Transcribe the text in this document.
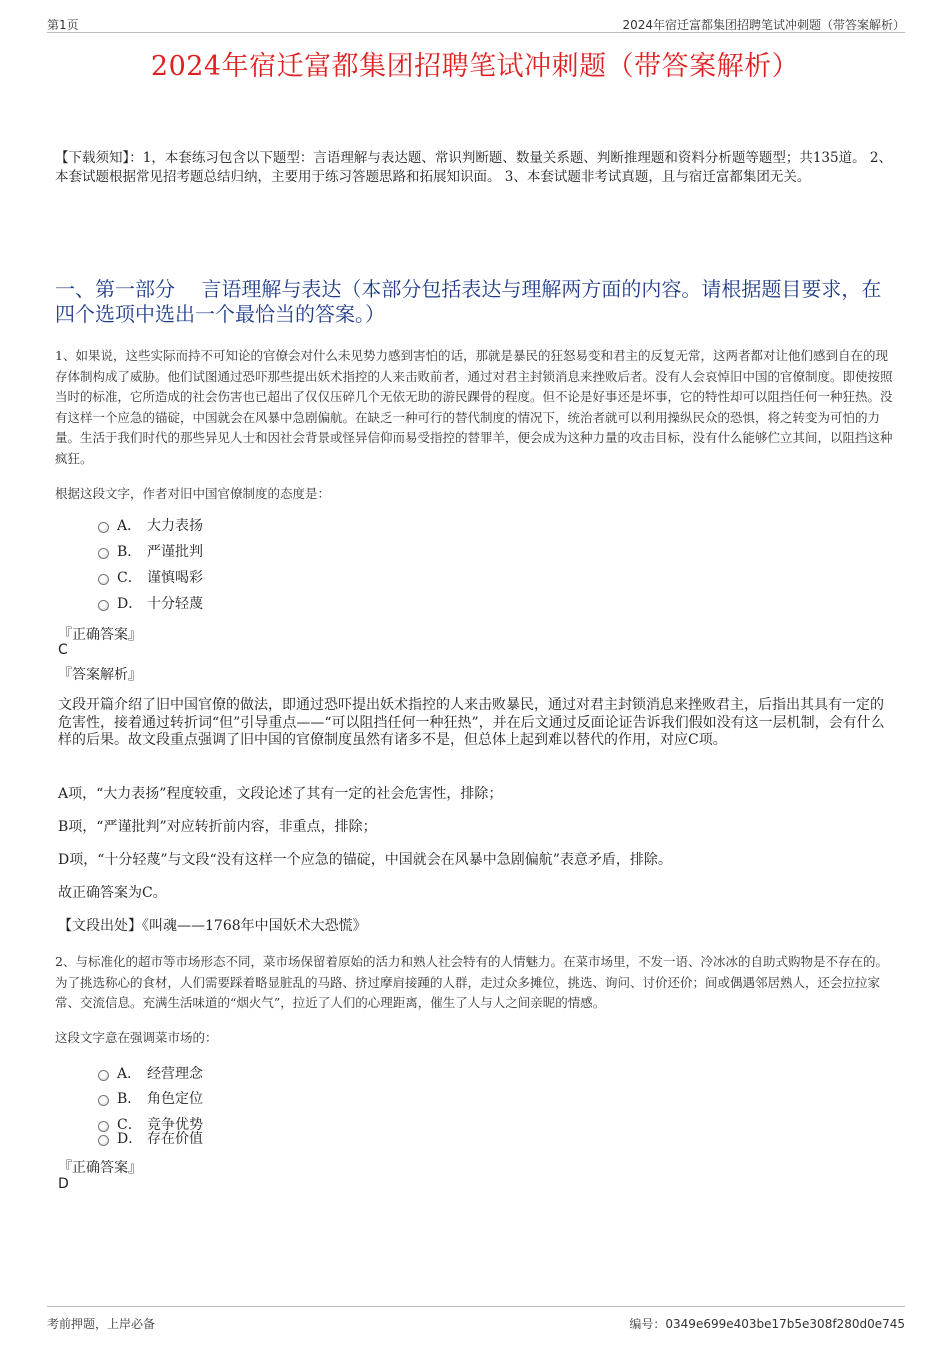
第1页	2024年宿迁富都集团招聘笔试冲刺题（带答案解析）
2024年宿迁富都集团招聘笔试冲刺题（带答案解析）
【下载须知】：1，本套练习包含以下题型：言语理解与表达题、常识判断题、数量关系题、判断推理题和资料分析题等题型；共135道。 2、本套试题根据常见招考题总结归纳，主要用于练习答题思路和拓展知识面。 3、本套试题非考试真题，且与宿迁富都集团无关。
一、第一部分　 言语理解与表达（本部分包括表达与理解两方面的内容。请根据题目要求，在四个选项中选出一个最恰当的答案。）
1、如果说，这些实际而持不可知论的官僚会对什么未见势力感到害怕的话，那就是暴民的狂怒易变和君主的反复无常，这两者都对让他们感到自在的现存体制构成了威胁。他们试图通过恐吓那些提出妖术指控的人来击败前者，通过对君主封锁消息来挫败后者。没有人会哀悼旧中国的官僚制度。即使按照当时的标准，它所造成的社会伤害也已超出了仅仅压碎几个无依无助的游民踝骨的程度。但不论是好事还是坏事，它的特性却可以阻挡任何一种狂热。没有这样一个应急的锚碇，中国就会在风暴中急剧偏航。在缺乏一种可行的替代制度的情况下，统治者就可以利用操纵民众的恐惧，将之转变为可怕的力量。生活于我们时代的那些异见人士和因社会背景或怪异信仰而易受指控的替罪羊，便会成为这种力量的攻击目标，没有什么能够伫立其间，以阻挡这种疯狂。
根据这段文字，作者对旧中国官僚制度的态度是：
A． 大力表扬
B． 严谨批判
C． 谨慎喝彩
D． 十分轻蔑
『正确答案』
C
『答案解析』
文段开篇介绍了旧中国官僚的做法，即通过恐吓提出妖术指控的人来击败暴民，通过对君主封锁消息来挫败君主，后指出其具有一定的危害性，接着通过转折词“但”引导重点——“可以阻挡任何一种狂热”，并在后文通过反面论证告诉我们假如没有这一层机制，会有什么样的后果。故文段重点强调了旧中国的官僚制度虽然有诸多不是，但总体上起到难以替代的作用，对应C项。
A项，“大力表扬”程度较重，文段论述了其有一定的社会危害性，排除；
B项，“严谨批判”对应转折前内容，非重点，排除；
D项，“十分轻蔑”与文段“没有这样一个应急的锚碇，中国就会在风暴中急剧偏航”表意矛盾，排除。
故正确答案为C。
【文段出处】《叫魂——1768年中国妖术大恐慌》
2、与标准化的超市等市场形态不同，菜市场保留着原始的活力和熟人社会特有的人情魅力。在菜市场里，不发一语、冷冰冰的自助式购物是不存在的。为了挑选称心的食材，人们需要踩着略显脏乱的马路、挤过摩肩接踵的人群，走过众多摊位，挑选、询问、讨价还价；间或偶遇邻居熟人，还会拉拉家常、交流信息。充满生活味道的“烟火气”，拉近了人们的心理距离，催生了人与人之间亲昵的情感。
这段文字意在强调菜市场的：
A． 经营理念
B． 角色定位
C． 竞争优势
D． 存在价值
『正确答案』
D
考前押题，上岸必备	编号：0349e699e403be17b5e308f280d0e745
